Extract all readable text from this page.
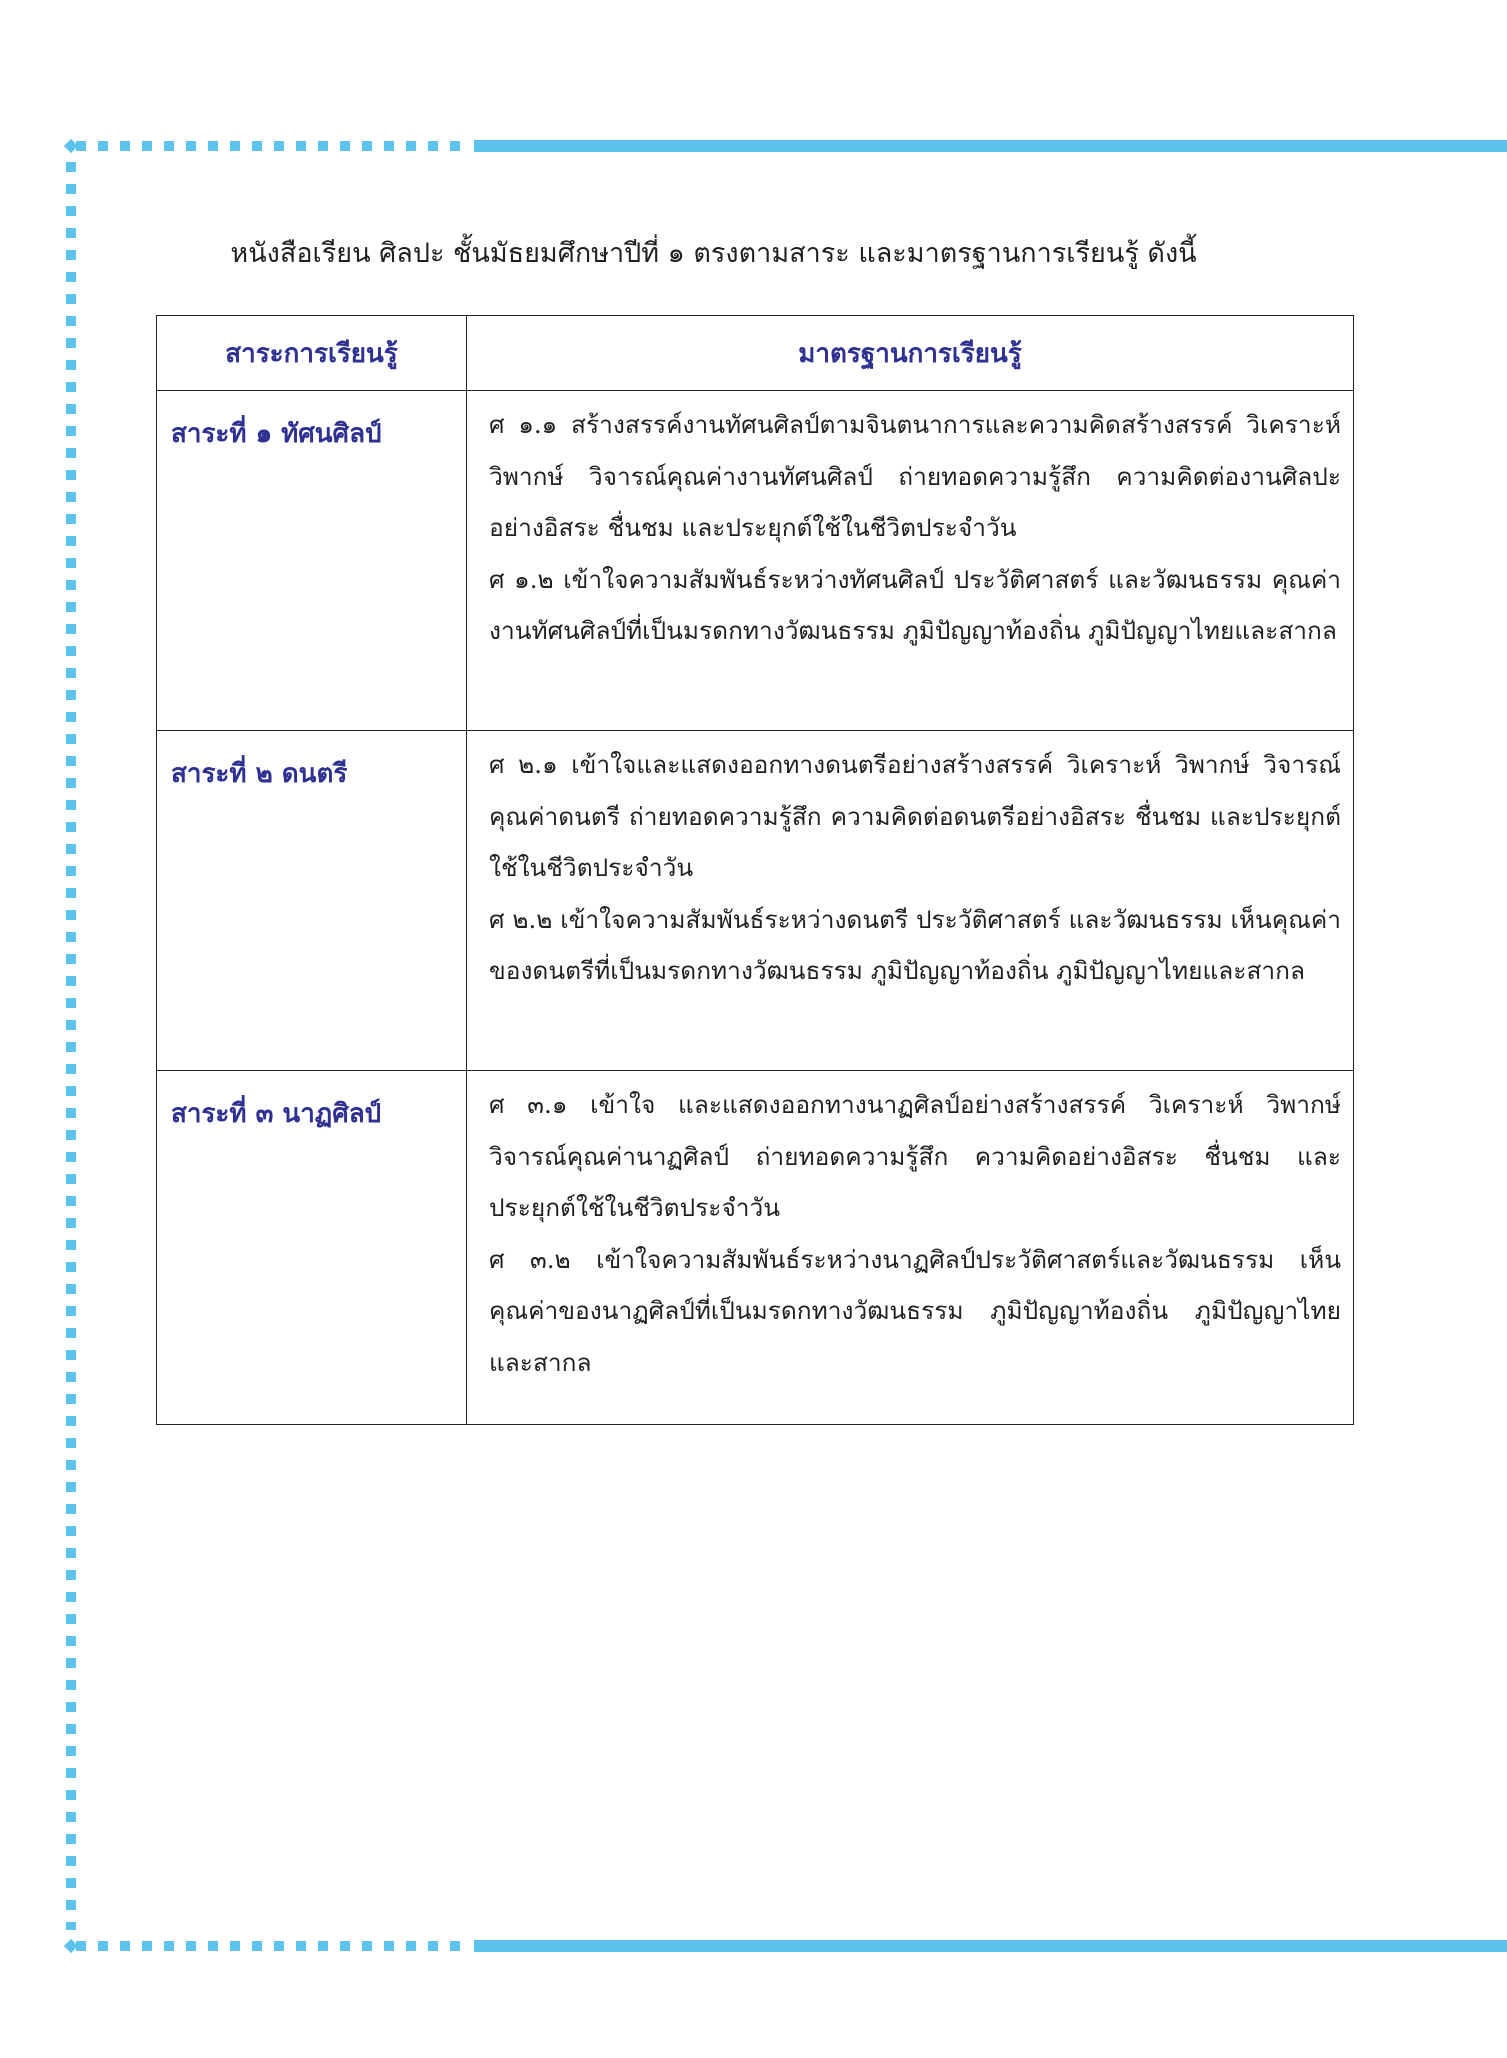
หนังสือเรียน ศิลปะ ชั้นมัธยมศึกษาปีที่ ๑ ตรงตามสาระ และมาตรฐานการเรียนรู้ ดังนี้
สาระการเรียนรู้	มาตรฐานการเรียนรู้
สาระที่ ๑ ทัศนศิลป์	ศ ๑.๑ สร้างสรรค์งานทัศนศิลป์ตามจินตนาการและความคิดสร้างสรรค์ วิเคราะห์ วิพากษ์ วิจารณ์คุณค่างานทัศนศิลป์ ถ่ายทอดความรู้สึก ความคิดต่องานศิลปะอย่างอิสระ ชื่นชม และประยุกต์ใช้ในชีวิตประจำวัน
ศ ๑.๒ เข้าใจความสัมพันธ์ระหว่างทัศนศิลป์ ประวัติศาสตร์ และวัฒนธรรม คุณค่างานทัศนศิลป์ที่เป็นมรดกทางวัฒนธรรม ภูมิปัญญาท้องถิ่น ภูมิปัญญาไทยและสากล

สาระที่ ๒ ดนตรี	ศ ๒.๑ เข้าใจและแสดงออกทางดนตรีอย่างสร้างสรรค์ วิเคราะห์ วิพากษ์ วิจารณ์คุณค่าดนตรี ถ่ายทอดความรู้สึก ความคิดต่อดนตรีอย่างอิสระ ชื่นชม และประยุกต์ใช้ในชีวิตประจำวัน
ศ ๒.๒ เข้าใจความสัมพันธ์ระหว่างดนตรี ประวัติศาสตร์ และวัฒนธรรม เห็นคุณค่าของดนตรีที่เป็นมรดกทางวัฒนธรรม ภูมิปัญญาท้องถิ่น ภูมิปัญญาไทยและสากล

สาระที่ ๓ นาฏศิลป์	ศ ๓.๑ เข้าใจ และแสดงออกทางนาฏศิลป์อย่างสร้างสรรค์ วิเคราะห์ วิพากษ์ วิจารณ์คุณค่านาฏศิลป์ ถ่ายทอดความรู้สึก ความคิดอย่างอิสระ ชื่นชม และประยุกต์ใช้ในชีวิตประจำวัน
ศ ๓.๒ เข้าใจความสัมพันธ์ระหว่างนาฏศิลป์ประวัติศาสตร์และวัฒนธรรม เห็นคุณค่าของนาฏศิลป์ที่เป็นมรดกทางวัฒนธรรม ภูมิปัญญาท้องถิ่น ภูมิปัญญาไทยและสากล
